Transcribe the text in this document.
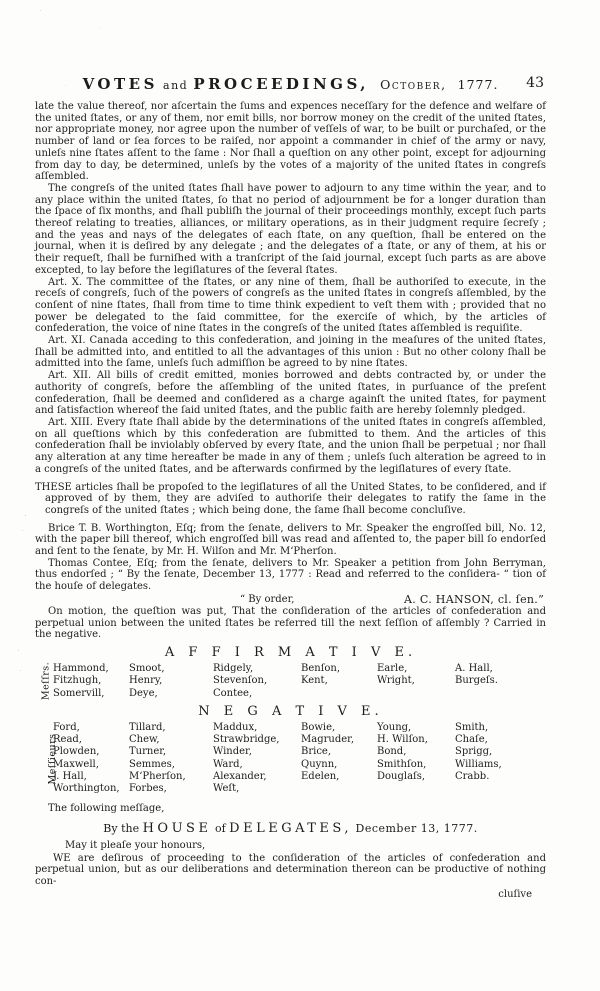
VOTES and PROCEEDINGS, October, 1777. 43

late the value thereof, nor aſcertain the ſums and expences neceſſary for the defence and welfare of the united ſtates, or any of them, nor emit bills, nor borrow money on the credit of the united ſtates, nor appropriate money, nor agree upon the number of veſſels of war, to be built or purchaſed, or the number of land or ſea forces to be raiſed, nor appoint a commander in chief of the army or navy, unleſs nine ſtates aſſent to the ſame : Nor ſhall a queſtion on any other point, except for adjourning from day to day, be determined, unleſs by the votes of a majority of the united ſtates in congreſs aſſembled.

The congreſs of the united ſtates ſhall have power to adjourn to any time within the year, and to any place within the united ſtates, ſo that no period of adjournment be for a longer duration than the ſpace of ſix months, and ſhall publiſh the journal of their proceedings monthly, except ſuch parts thereof relating to treaties, alliances, or military operations, as in their judgment require ſecreſy ; and the yeas and nays of the delegates of each ſtate, on any queſtion, ſhall be entered on the journal, when it is deſired by any delegate ; and the delegates of a ſtate, or any of them, at his or their requeſt, ſhall be furniſhed with a tranſcript of the ſaid journal, except ſuch parts as are above excepted, to lay before the legiſlatures of the ſeveral ſtates.

Art. X. The committee of the ſtates, or any nine of them, ſhall be authoriſed to execute, in the receſs of congreſs, ſuch of the powers of congreſs as the united ſtates in congreſs aſſembled, by the conſent of nine ſtates, ſhall from time to time think expedient to veſt them with ; provided that no power be delegated to the ſaid committee, for the exerciſe of which, by the articles of confederation, the voice of nine ſtates in the congreſs of the united ſtates aſſembled is requiſite.

Art. XI. Canada acceding to this confederation, and joining in the meaſures of the united ſtates, ſhall be admitted into, and entitled to all the advantages of this union : But no other colony ſhall be admitted into the ſame, unleſs ſuch admiſſion be agreed to by nine ſtates.

Art. XII. All bills of credit emitted, monies borrowed and debts contracted by, or under the authority of congreſs, before the aſſembling of the united ſtates, in purſuance of the preſent confederation, ſhall be deemed and conſidered as a charge againſt the united ſtates, for payment and ſatisfaction whereof the ſaid united ſtates, and the public faith are hereby ſolemnly pledged.

Art. XIII. Every ſtate ſhall abide by the determinations of the united ſtates in congreſs aſſembled, on all queſtions which by this confederation are ſubmitted to them. And the articles of this confederation ſhall be inviolably obſerved by every ſtate, and the union ſhall be perpetual ; nor ſhall any alteration at any time hereafter be made in any of them ; unleſs ſuch alteration be agreed to in a congreſs of the united ſtates, and be afterwards confirmed by the legiſlatures of every ſtate.

THESE articles ſhall be propoſed to the legiſlatures of all the United States, to be conſidered, and if approved of by them, they are adviſed to authoriſe their delegates to ratify the ſame in the congreſs of the united ſtates ; which being done, the ſame ſhall become concluſive.

Brice T. B. Worthington, Eſq; from the ſenate, delivers to Mr. Speaker the engroſſed bill, No. 12, with the paper bill thereof, which engroſſed bill was read and aſſented to, the paper bill ſo endorſed and ſent to the ſenate, by Mr. H. Wilſon and Mr. M‘Pherſon.

Thomas Contee, Eſq; from the ſenate, delivers to Mr. Speaker a petition from John Berryman, thus endorſed ; “ By the ſenate, December 13, 1777 : Read and referred to the conſidera- “ tion of the houſe of delegates.

“ By order,	A. C. HANSON, cl. ſen.”

On motion, the queſtion was put, That the conſideration of the articles of confederation and perpetual union between the united ſtates be referred till the next ſeſſion of aſſembly ? Carried in the negative.

A F F I R M A T I V E.
Meſſrs. Hammond,
Fitzhugh,
Somervill,
Smoot,
Henry,
Deye,
Ridgely,
Stevenſon,
Contee,
Benſon,
Kent,
Earle,
Wright,
A. Hall,
Burgeſs.
N E G A T I V E.
Meſſieurs
Ford,
Read,
Plowden,
Maxwell,
J. Hall,
Worthington,
Tillard,
Chew,
Turner,
Semmes,
M‘Pherſon,
Forbes,
Maddux,
Strawbridge,
Winder,
Ward,
Alexander,
Weſt,
Bowie,
Magruder,
Brice,
Quynn,
Edelen,
Young,
H. Wilſon,
Bond,
Smithſon,
Douglaſs,
Smith,
Chaſe,
Sprigg,
Williams,
Crabb.

The following meſſage,

By the HOUSE of DELEGATES, December 13, 1777.

May it pleaſe your honours,

WE are deſirous of proceeding to the conſideration of the articles of confederation and perpetual union, but as our deliberations and determination thereon can be productive of nothing con-

cluſive
